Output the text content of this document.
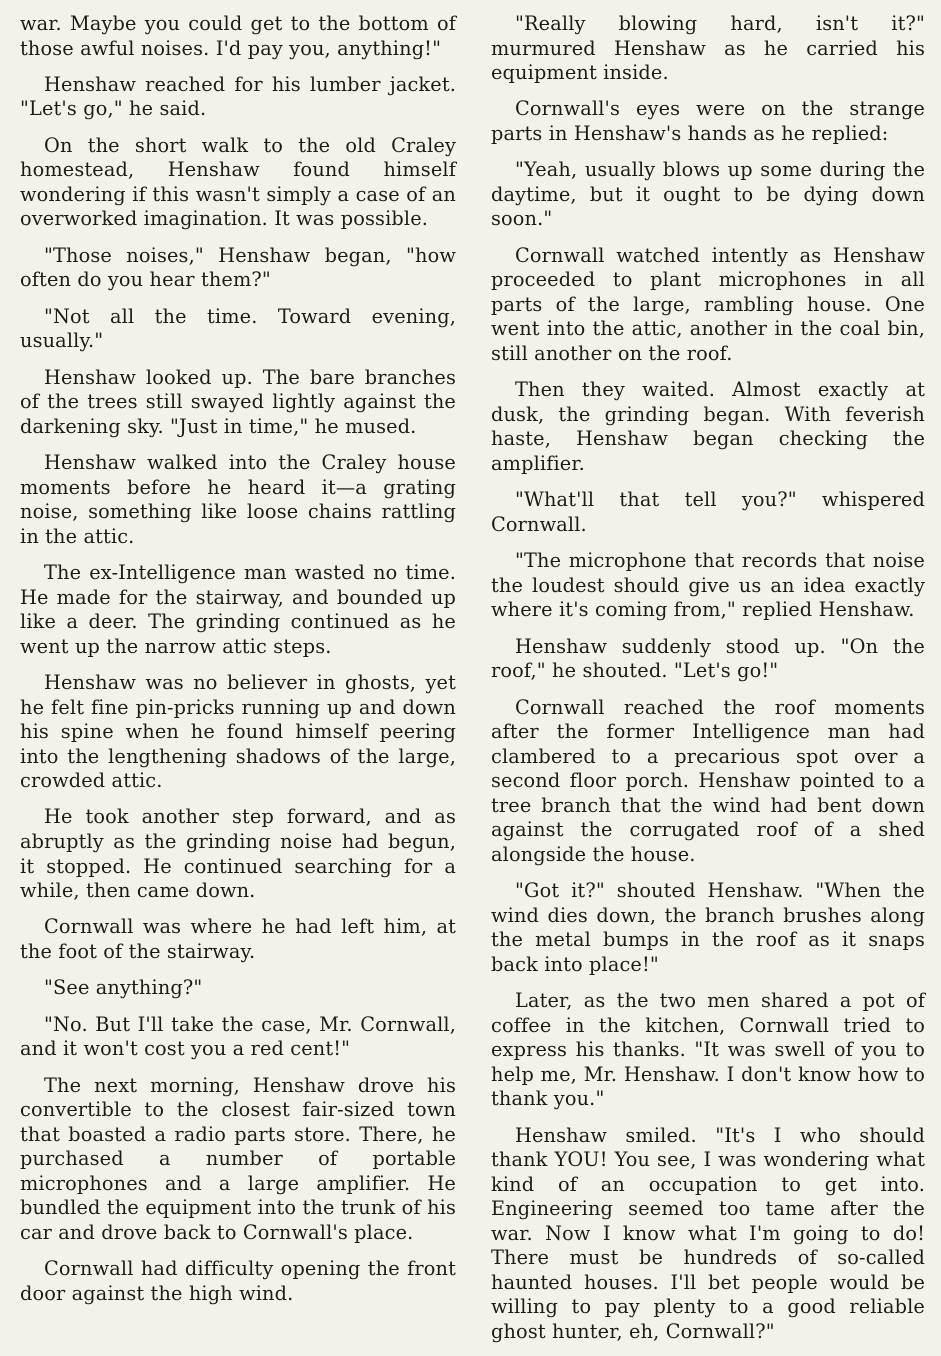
war. Maybe you could get to the bottom of those awful noises. I'd pay you, anything!"

Henshaw reached for his lumber jacket. "Let's go," he said.

On the short walk to the old Craley homestead, Henshaw found himself wondering if this wasn't simply a case of an overworked imagination. It was possible.

"Those noises," Henshaw began, "how often do you hear them?"

"Not all the time. Toward evening, usually."

Henshaw looked up. The bare branches of the trees still swayed lightly against the darkening sky. "Just in time," he mused.

Henshaw walked into the Craley house moments before he heard it—a grating noise, something like loose chains rattling in the attic.

The ex-Intelligence man wasted no time. He made for the stairway, and bounded up like a deer. The grinding continued as he went up the narrow attic steps.

Henshaw was no believer in ghosts, yet he felt fine pin-pricks running up and down his spine when he found himself peering into the lengthening shadows of the large, crowded attic.

He took another step forward, and as abruptly as the grinding noise had begun, it stopped. He continued searching for a while, then came down.

Cornwall was where he had left him, at the foot of the stairway.

"See anything?"

"No. But I'll take the case, Mr. Cornwall, and it won't cost you a red cent!"

The next morning, Henshaw drove his convertible to the closest fair-sized town that boasted a radio parts store. There, he purchased a number of portable microphones and a large amplifier. He bundled the equipment into the trunk of his car and drove back to Cornwall's place.

Cornwall had difficulty opening the front door against the high wind.

"Really blowing hard, isn't it?" murmured Henshaw as he carried his equipment inside.

Cornwall's eyes were on the strange parts in Henshaw's hands as he replied:

"Yeah, usually blows up some during the daytime, but it ought to be dying down soon."

Cornwall watched intently as Henshaw proceeded to plant microphones in all parts of the large, rambling house. One went into the attic, another in the coal bin, still another on the roof.

Then they waited. Almost exactly at dusk, the grinding began. With feverish haste, Henshaw began checking the amplifier.

"What'll that tell you?" whispered Cornwall.

"The microphone that records that noise the loudest should give us an idea exactly where it's coming from," replied Henshaw.

Henshaw suddenly stood up. "On the roof," he shouted. "Let's go!"

Cornwall reached the roof moments after the former Intelligence man had clambered to a precarious spot over a second floor porch. Henshaw pointed to a tree branch that the wind had bent down against the corrugated roof of a shed alongside the house.

"Got it?" shouted Henshaw. "When the wind dies down, the branch brushes along the metal bumps in the roof as it snaps back into place!"

Later, as the two men shared a pot of coffee in the kitchen, Cornwall tried to express his thanks. "It was swell of you to help me, Mr. Henshaw. I don't know how to thank you."

Henshaw smiled. "It's I who should thank YOU! You see, I was wondering what kind of an occupation to get into. Engineering seemed too tame after the war. Now I know what I'm going to do! There must be hundreds of so-called haunted houses. I'll bet people would be willing to pay plenty to a good reliable ghost hunter, eh, Cornwall?"
